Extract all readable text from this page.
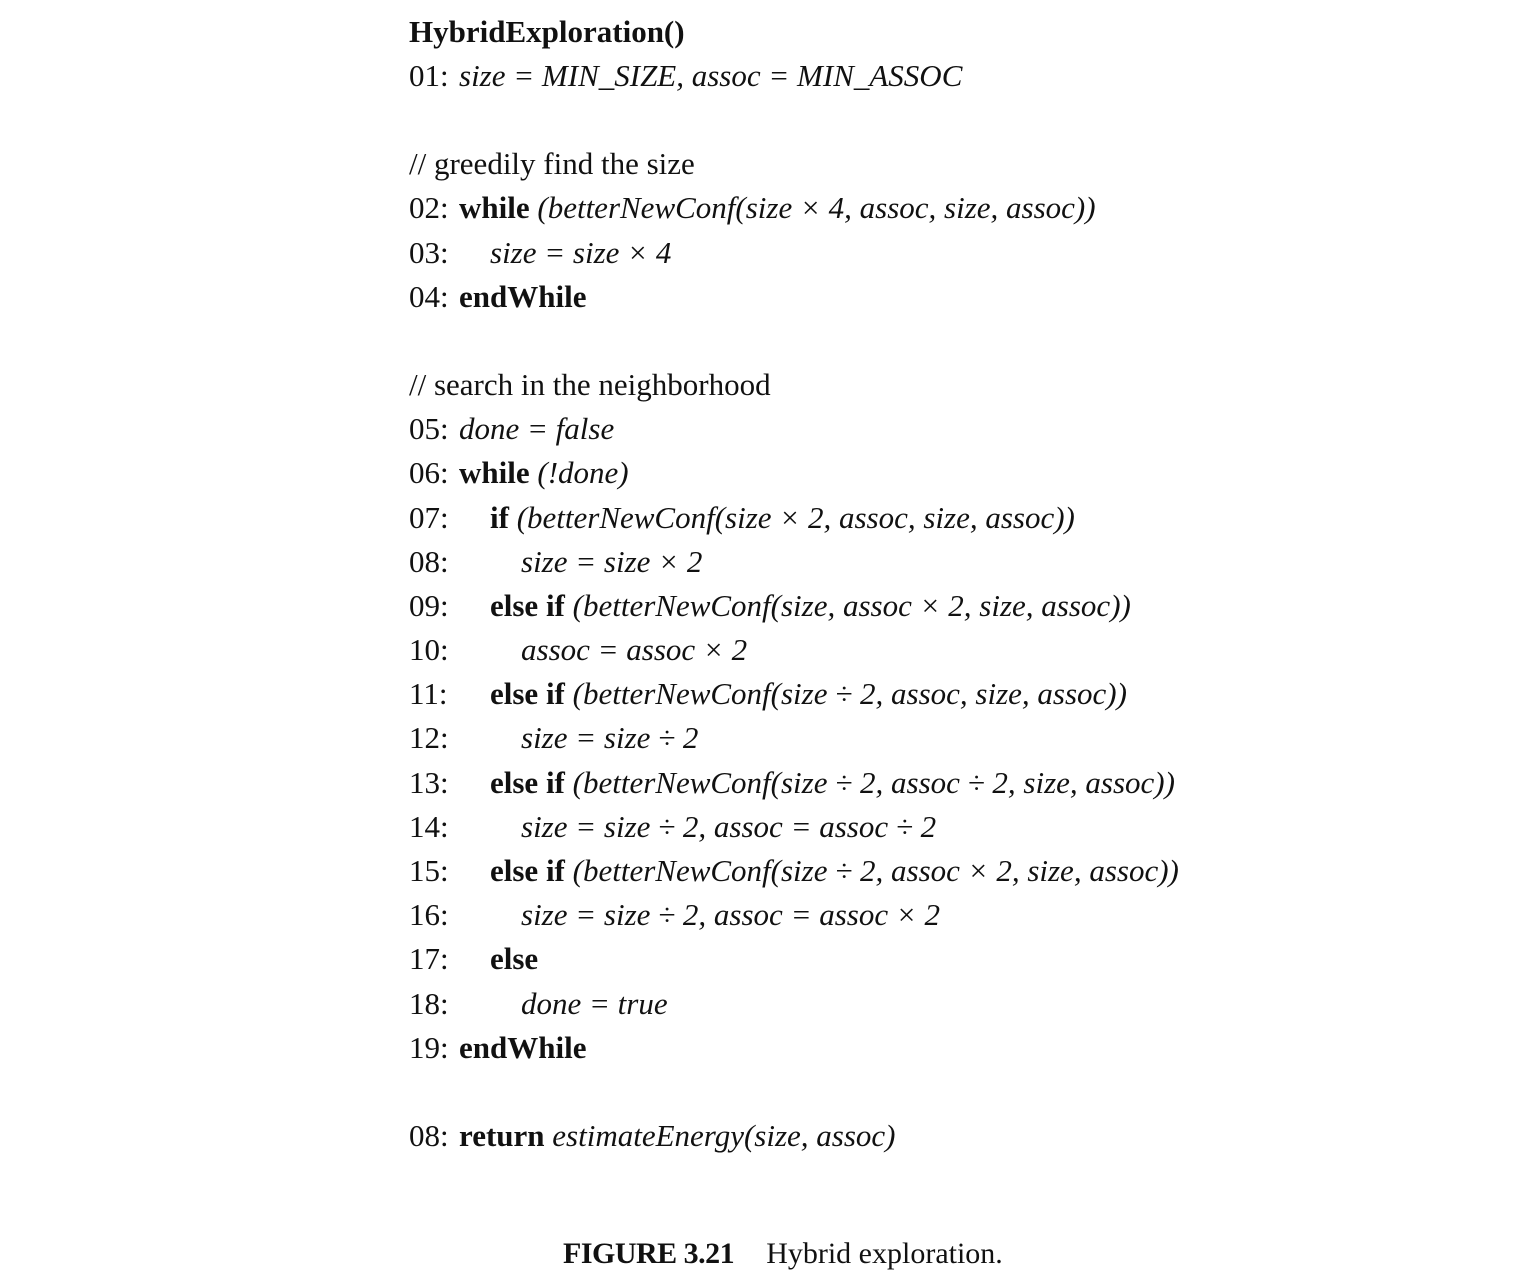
HybridExploration()
01: size = MIN_SIZE, assoc = MIN_ASSOC
// greedily find the size
02: while
(betterNewConf(size × 4, assoc, size, assoc))
03:	size = size × 4
04: endWhile
// search in the neighborhood
05: done = false
06: while
(!done)
07:	if
(betterNewConf(size × 2, assoc, size, assoc))
08:	size = size × 2
09:	else if
(betterNewConf(size, assoc × 2, size, assoc))
10:	assoc = assoc × 2
11:	else if
(betterNewConf(size ÷ 2, assoc, size, assoc))
12:	size = size ÷ 2
13:	else if
(betterNewConf(size ÷ 2, assoc ÷ 2, size, assoc))
14:	size = size ÷ 2, assoc = assoc ÷ 2
15:	else if
(betterNewConf(size ÷ 2, assoc × 2, size, assoc))
16:	size = size ÷ 2, assoc = assoc × 2
17:	else
18:	done = true
19: endWhile
08: return
estimateEnergy(size, assoc)

FIGURE 3.21 Hybrid exploration.
